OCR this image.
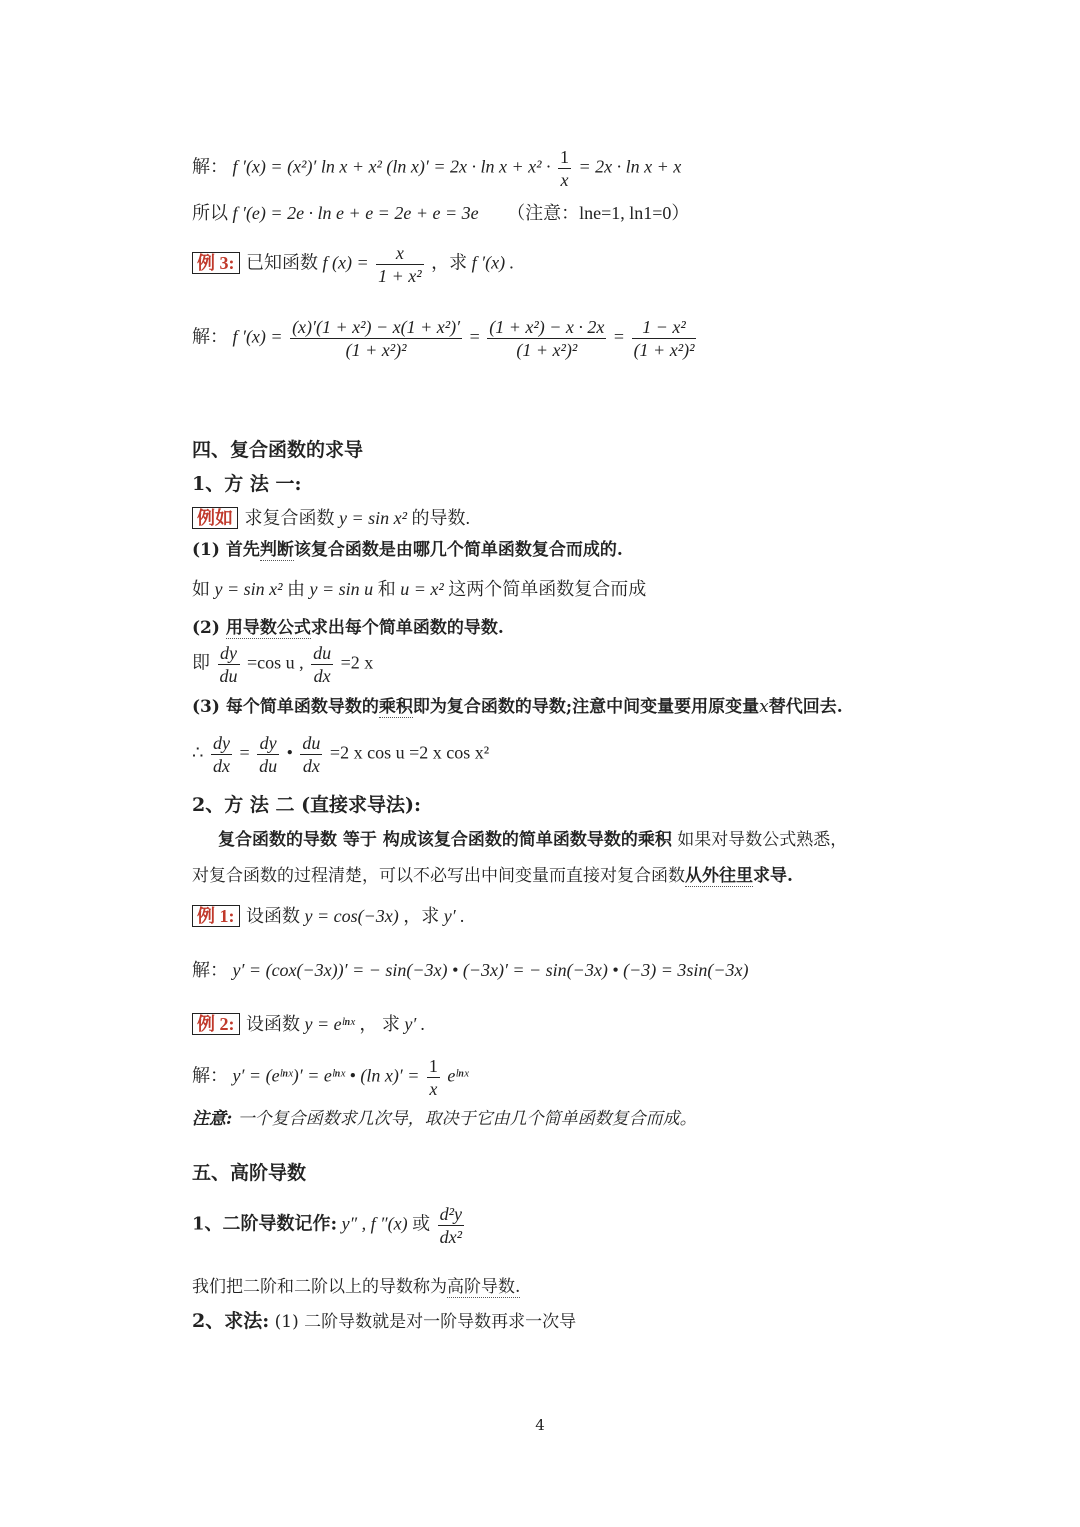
解： f ′(x) = (x²)′ ln x + x² (ln $x)' = 2x \cdot \ln x + x^2 \cdot \frac{1}{x} = 2x \cdot \ln x + x$
所以 f ′(e) = 2e · ln e + e = 2e + e = 3e （注意：lne=1, ln1=0）
例 3: 已知函数 f $(x) = \frac{x}{\text{1 + x²}}$ ，求 f ′(x) .
解： f $'(x) = \frac{\text{(x)′(1 + x²) − x(1 + x²)′}}{\text{(1 + x²)²}} = \frac{\text{(1 + x²) − x · 2x}}{\text{(1 + x²)²}} = \frac{\text{1 − x²}}{\text{(1 + x²)²}}$
四、复合函数的求导
1、方 法 一:
例如 求复合函数 y = sin x² 的导数.
(1) 首先判断该复合函数是由哪几个简单函数复合而成的.
如 y = sin x² 由 y = sin u 和 u = x² 这两个简单函数复合而成
(2) 用导数公式求出每个简单函数的导数.
即 $\frac{dy}{du} =\cos$ u , $\frac{du}{dx} =2$ x
(3) 每个简单函数导数的乘积即为复合函数的导数;注意中间变量要用原变量x替代回去.
∴ $\frac{dy}{dx} = \frac{dy}{du}$ • $\frac{du}{dx} =2$ x cos u =2 x cos x²
2、方 法 二 (直接求导法):
复合函数的导数 等于 构成该复合函数的简单函数导数的乘积 如果对导数公式熟悉，
对复合函数的过程清楚，可以不必写出中间变量而直接对复合函数从外往里求导.
例 1: 设函数 y = cos(−3x) ，求 y′ .
解： y′ = (cox(−3x))′ = − sin(−3x) • (−3x)′ = − sin(−3x) • (−3) = 3sin(−3x)
例 2: 设函数 y = eˡⁿˣ ， 求 y′ .
解： y′ = (eˡⁿˣ)′ = eˡⁿˣ • (ln $x)' = \frac{1}{x}$ eˡⁿˣ
注意: 一个复合函数求几次导，取决于它由几个简单函数复合而成。
五、高阶导数
1、二阶导数记作: y″ , f ″(x) 或 $\frac{\text{d²y}}{\text{dx²}}$
我们把二阶和二阶以上的导数称为高阶导数.
2、求法: (1) 二阶导数就是对一阶导数再求一次导
4
